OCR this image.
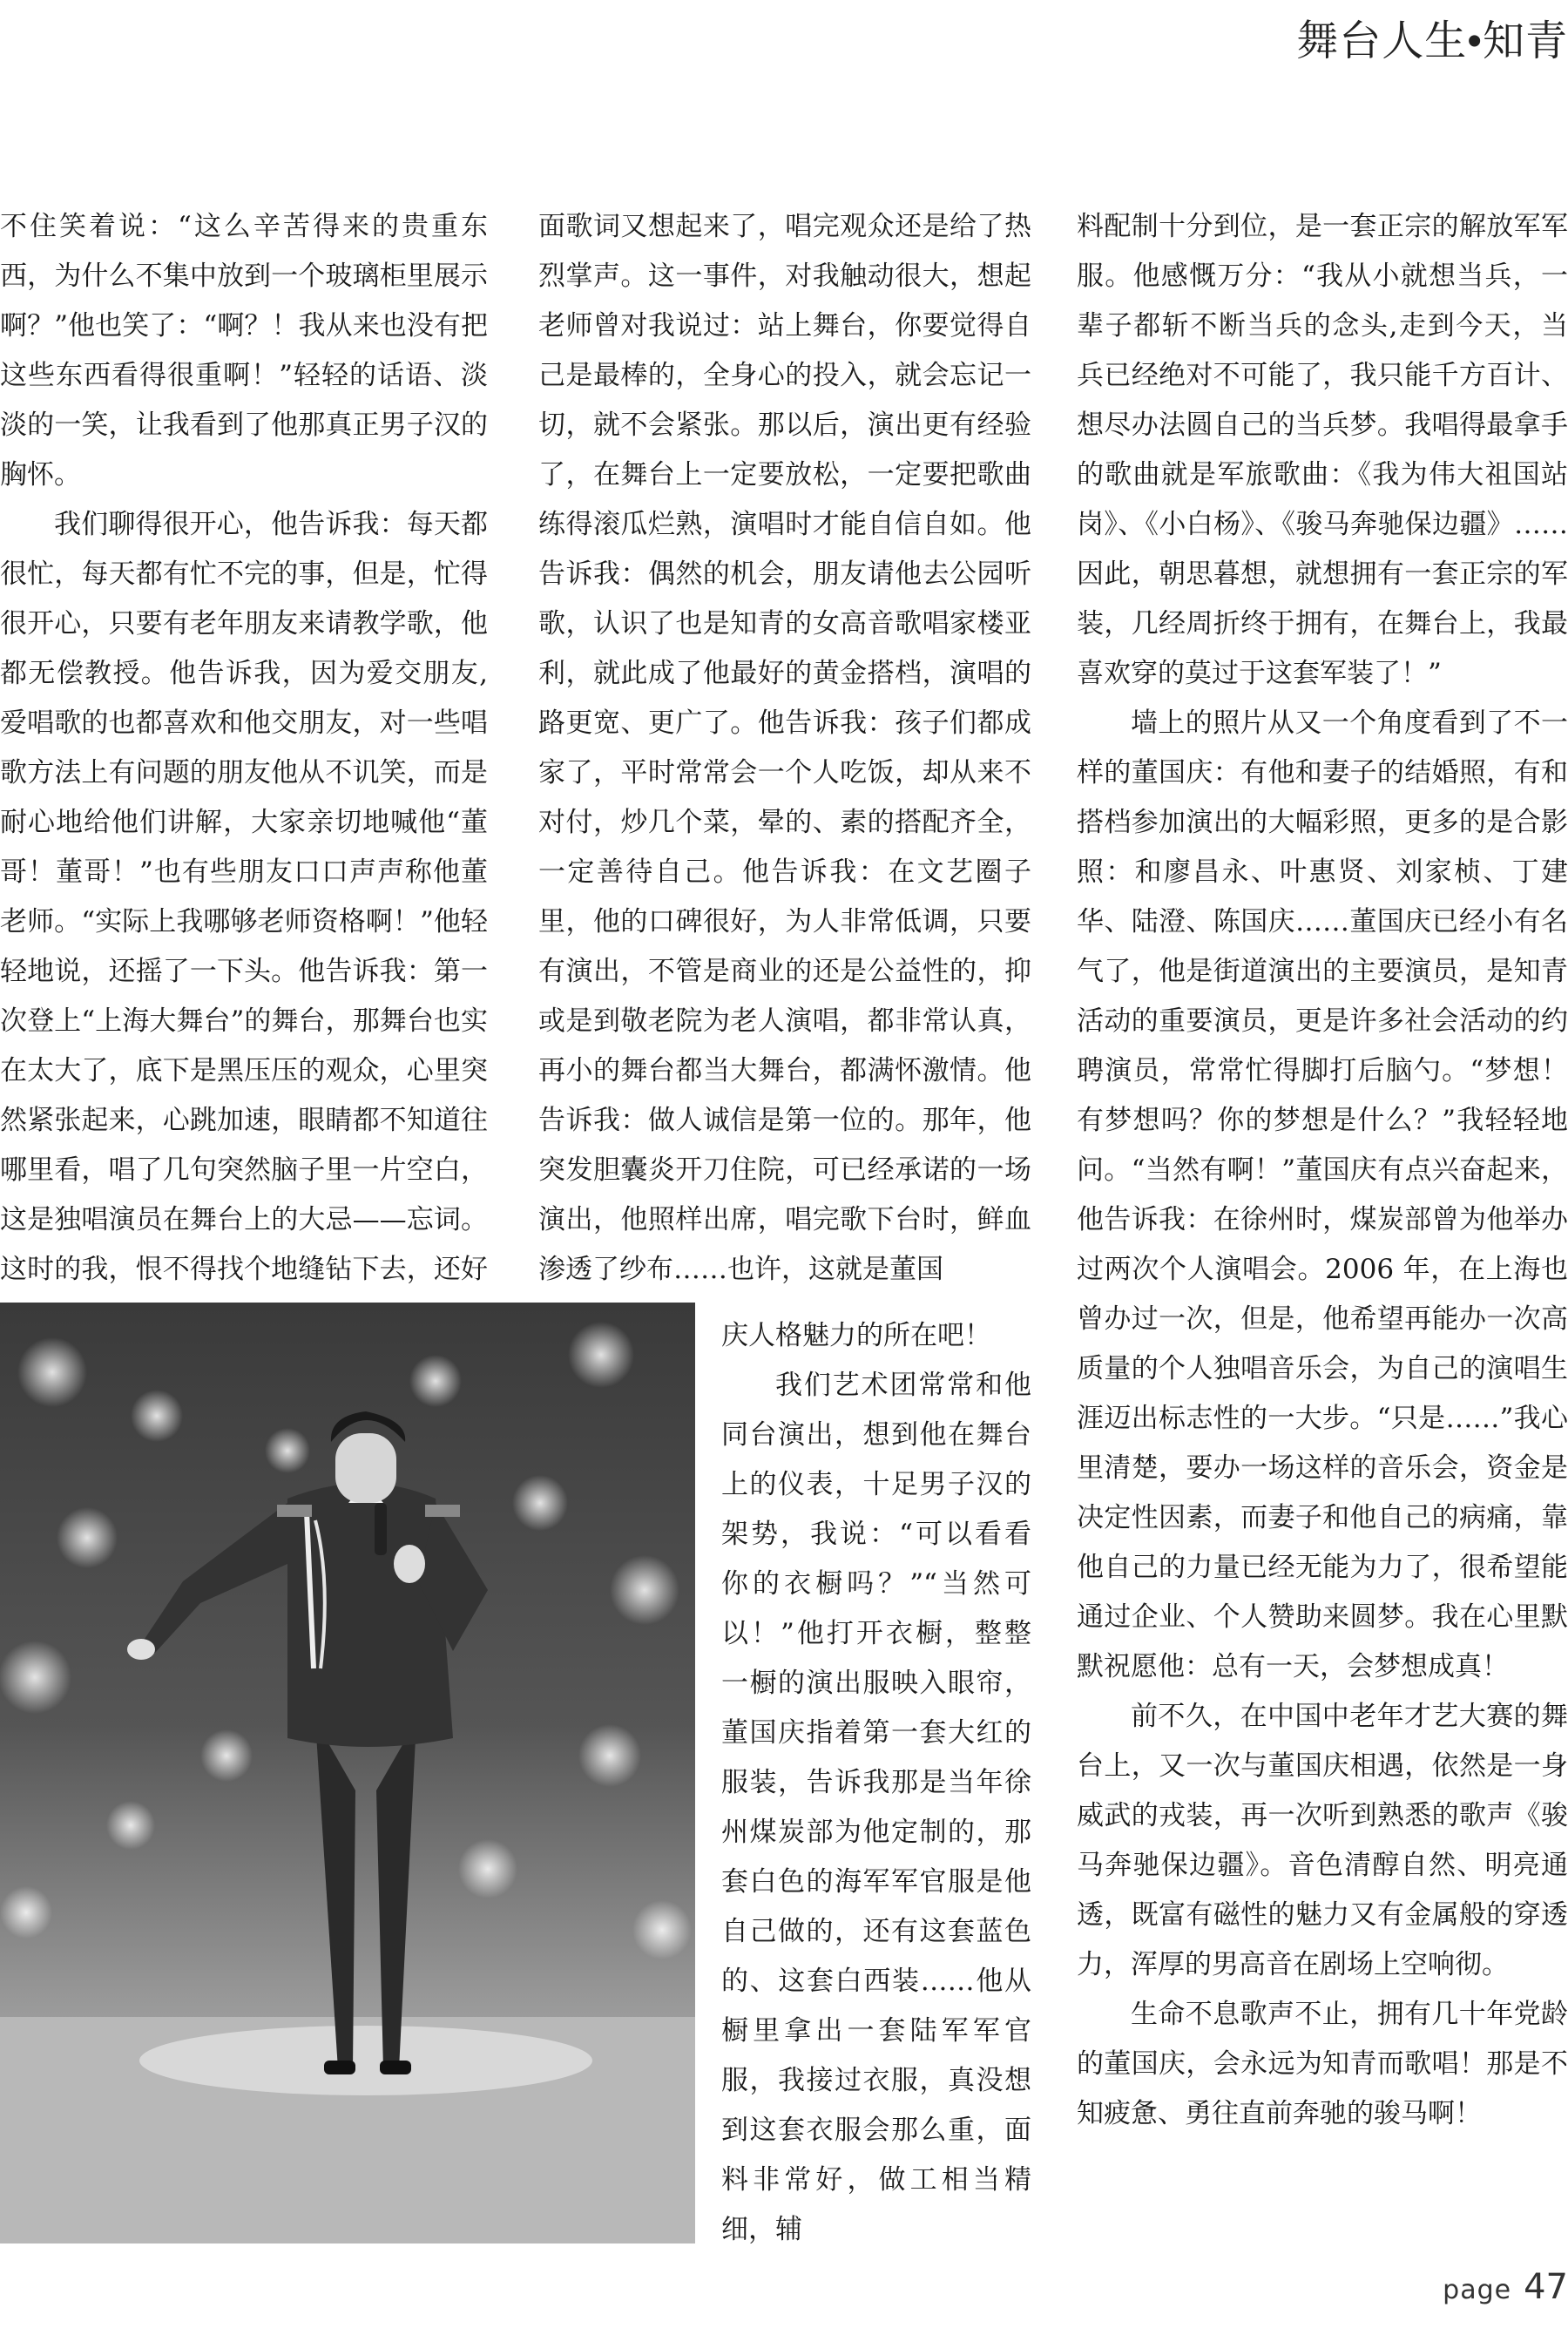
舞台人生•知青

不住笑着说：“这么辛苦得来的贵重东西，为什么不集中放到一个玻璃柜里展示啊？”他也笑了：“啊？！我从来也没有把这些东西看得很重啊！”轻轻的话语、淡淡的一笑，让我看到了他那真正男子汉的胸怀。

我们聊得很开心，他告诉我：每天都很忙，每天都有忙不完的事，但是，忙得很开心，只要有老年朋友来请教学歌，他都无偿教授。他告诉我，因为爱交朋友,爱唱歌的也都喜欢和他交朋友，对一些唱歌方法上有问题的朋友他从不讥笑，而是耐心地给他们讲解，大家亲切地喊他“董哥！董哥！”也有些朋友口口声声称他董老师。“实际上我哪够老师资格啊！”他轻轻地说，还摇了一下头。他告诉我：第一次登上“上海大舞台”的舞台，那舞台也实在太大了，底下是黑压压的观众，心里突然紧张起来，心跳加速，眼睛都不知道往哪里看，唱了几句突然脑子里一片空白，这是独唱演员在舞台上的大忌——忘词。这时的我，恨不得找个地缝钻下去，还好

面歌词又想起来了，唱完观众还是给了热烈掌声。这一事件，对我触动很大，想起老师曾对我说过：站上舞台，你要觉得自己是最棒的，全身心的投入，就会忘记一切，就不会紧张。那以后，演出更有经验了，在舞台上一定要放松，一定要把歌曲练得滚瓜烂熟，演唱时才能自信自如。他告诉我：偶然的机会，朋友请他去公园听歌，认识了也是知青的女高音歌唱家楼亚利，就此成了他最好的黄金搭档，演唱的路更宽、更广了。他告诉我：孩子们都成家了，平时常常会一个人吃饭，却从来不对付，炒几个菜，晕的、素的搭配齐全，一定善待自己。他告诉我：在文艺圈子里，他的口碑很好，为人非常低调，只要有演出，不管是商业的还是公益性的，抑或是到敬老院为老人演唱，都非常认真，再小的舞台都当大舞台，都满怀激情。他告诉我：做人诚信是第一位的。那年，他突发胆囊炎开刀住院，可已经承诺的一场演出，他照样出席，唱完歌下台时，鲜血渗透了纱布……也许，这就是董国

庆人格魅力的所在吧！

我们艺术团常常和他同台演出，想到他在舞台上的仪表，十足男子汉的架势，我说：“可以看看你的衣橱吗？”“当然可以！”他打开衣橱，整整一橱的演出服映入眼帘，董国庆指着第一套大红的服装，告诉我那是当年徐州煤炭部为他定制的，那套白色的海军军官服是他自己做的，还有这套蓝色的、这套白西装……他从橱里拿出一套陆军军官服，我接过衣服，真没想到这套衣服会那么重，面料非常好，做工相当精细，辅

料配制十分到位，是一套正宗的解放军军服。他感慨万分：“我从小就想当兵，一辈子都斩不断当兵的念头,走到今天，当兵已经绝对不可能了，我只能千方百计、想尽办法圆自己的当兵梦。我唱得最拿手的歌曲就是军旅歌曲：《我为伟大祖国站岗》、《小白杨》、《骏马奔驰保边疆》……因此，朝思暮想，就想拥有一套正宗的军装，几经周折终于拥有，在舞台上，我最喜欢穿的莫过于这套军装了！”

墙上的照片从又一个角度看到了不一样的董国庆：有他和妻子的结婚照，有和搭档参加演出的大幅彩照，更多的是合影照：和廖昌永、叶惠贤、刘家桢、丁建华、陆澄、陈国庆……董国庆已经小有名气了，他是街道演出的主要演员，是知青活动的重要演员，更是许多社会活动的约聘演员，常常忙得脚打后脑勺。“梦想！有梦想吗？你的梦想是什么？”我轻轻地问。“当然有啊！”董国庆有点兴奋起来，他告诉我：在徐州时，煤炭部曾为他举办过两次个人演唱会。2006 年，在上海也曾办过一次，但是，他希望再能办一次高质量的个人独唱音乐会，为自己的演唱生涯迈出标志性的一大步。“只是……”我心里清楚，要办一场这样的音乐会，资金是决定性因素，而妻子和他自己的病痛，靠他自己的力量已经无能为力了，很希望能通过企业、个人赞助来圆梦。我在心里默默祝愿他：总有一天，会梦想成真！

前不久，在中国中老年才艺大赛的舞台上，又一次与董国庆相遇，依然是一身威武的戎装，再一次听到熟悉的歌声《骏马奔驰保边疆》。音色清醇自然、明亮通透，既富有磁性的魅力又有金属般的穿透力，浑厚的男高音在剧场上空响彻。

生命不息歌声不止，拥有几十年党龄的董国庆，会永远为知青而歌唱！那是不知疲惫、勇往直前奔驰的骏马啊！

page 47
